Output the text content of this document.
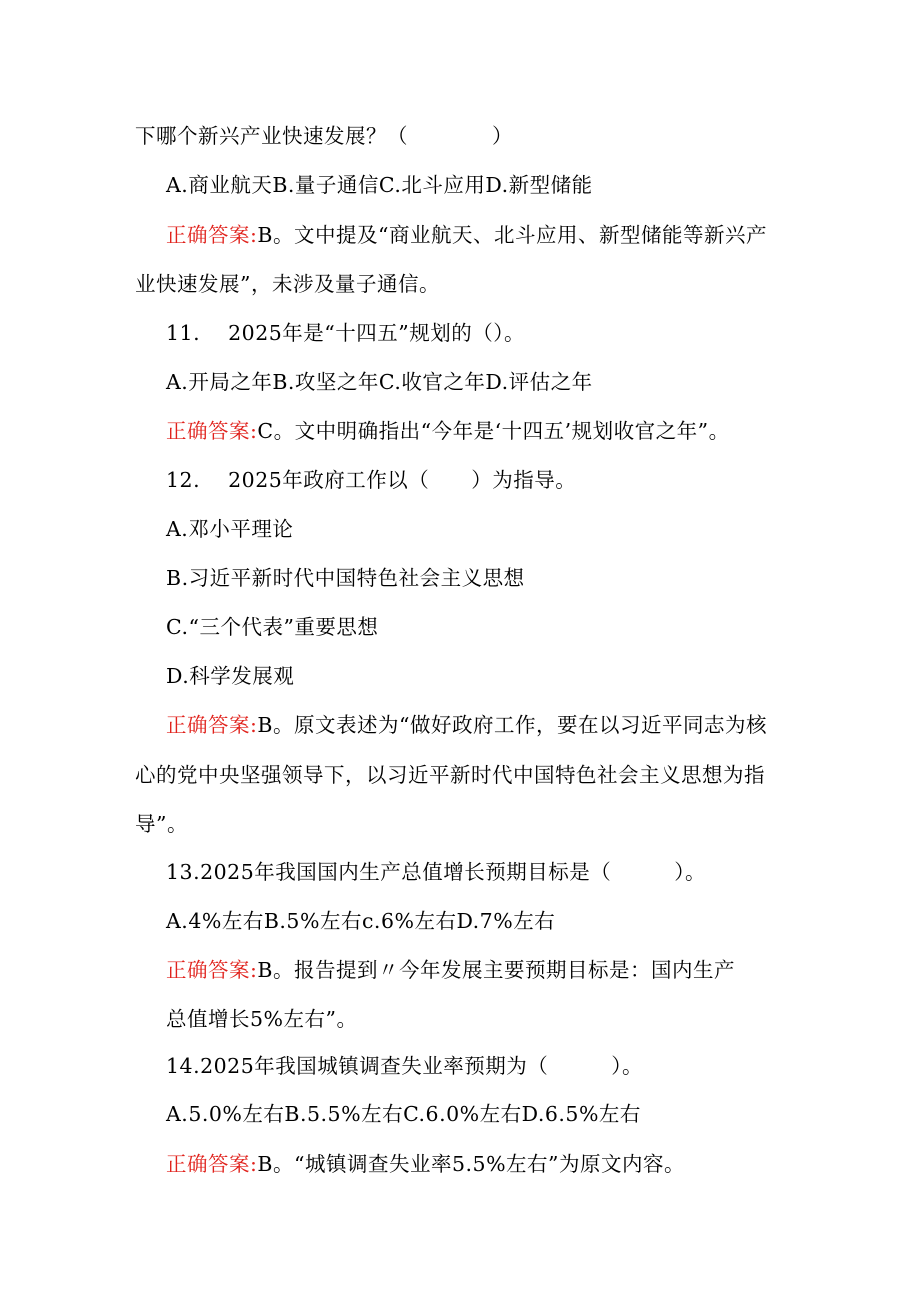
下哪个新兴产业快速发展？（　　　　）
A.商业航天B.量子通信C.北斗应用D.新型储能
正确答案:B。文中提及“商业航天、北斗应用、新型储能等新兴产
业快速发展”，未涉及量子通信。
11.　 2025年是“十四五”规划的（）。
A.开局之年B.攻坚之年C.收官之年D.评估之年
正确答案:C。文中明确指出“今年是‘十四五’规划收官之年”。
12.　 2025年政府工作以（　　）为指导。
A.邓小平理论
B.习近平新时代中国特色社会主义思想
C.“三个代表”重要思想
D.科学发展观
正确答案:B。原文表述为“做好政府工作，要在以习近平同志为核
心的党中央坚强领导下，以习近平新时代中国特色社会主义思想为指
导”。
13.2025年我国国内生产总值增长预期目标是（　　　）。
A.4%左右B.5%左右c.6%左右D.7%左右
正确答案:B。报告提到〃今年发展主要预期目标是：国内生产
总值增长5%左右”。
14.2025年我国城镇调查失业率预期为（　　　）。
A.5.0%左右B.5.5%左右C.6.0%左右D.6.5%左右
正确答案:B。“城镇调查失业率5.5%左右”为原文内容。
